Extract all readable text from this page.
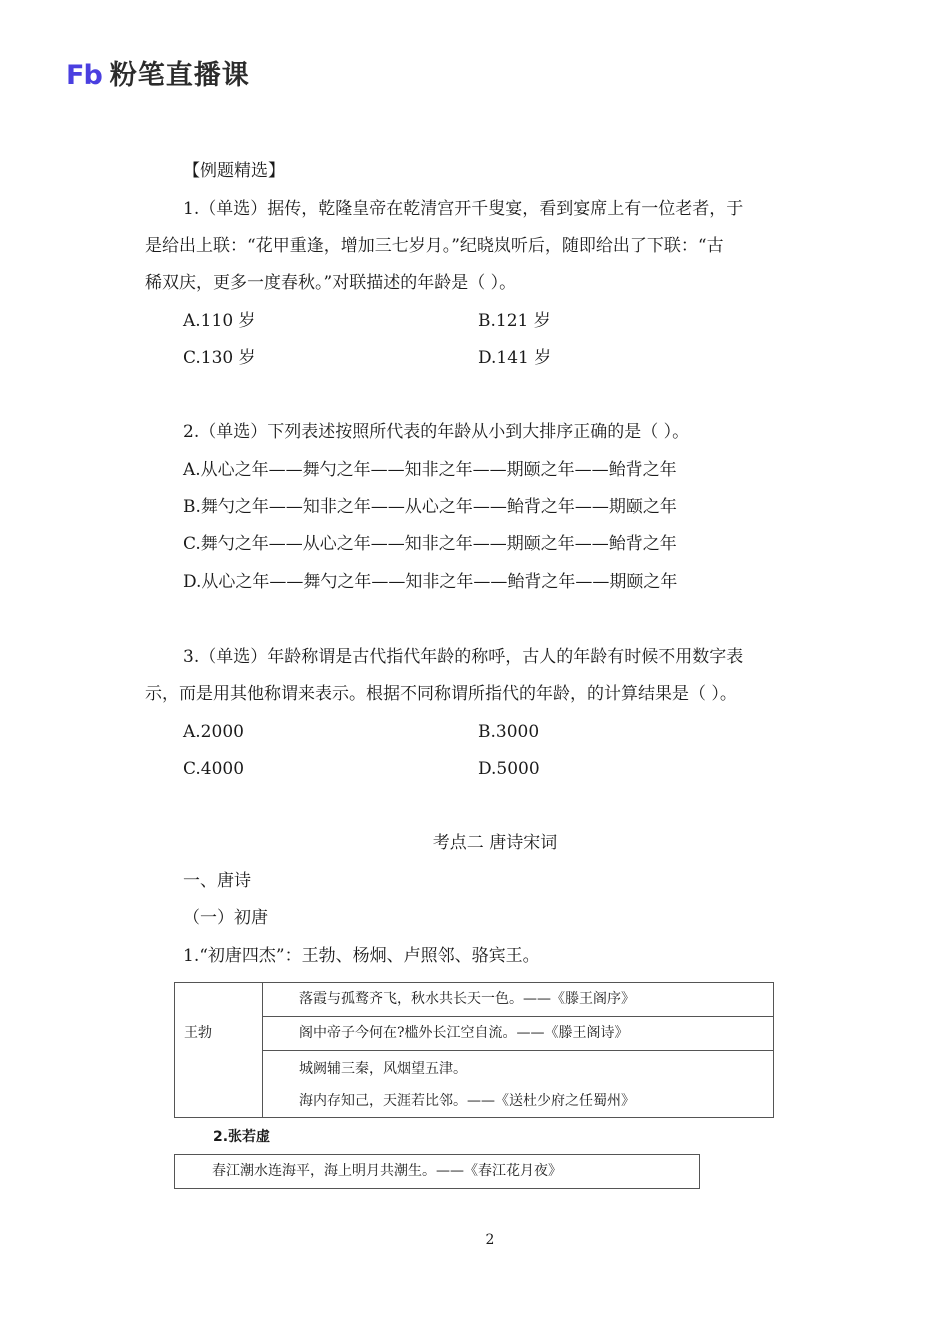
Fb 粉笔直播课
【例题精选】
1.（单选）据传，乾隆皇帝在乾清宫开千叟宴，看到宴席上有一位老者，于
是给出上联：“花甲重逢，增加三七岁月。”纪晓岚听后，随即给出了下联：“古
稀双庆，更多一度春秋。”对联描述的年龄是（ ）。
A.110 岁	B.121 岁
C.130 岁	D.141 岁
2.（单选）下列表述按照所代表的年龄从小到大排序正确的是（ ）。
A.从心之年——舞勺之年——知非之年——期颐之年——鲐背之年
B.舞勺之年——知非之年——从心之年——鲐背之年——期颐之年
C.舞勺之年——从心之年——知非之年——期颐之年——鲐背之年
D.从心之年——舞勺之年——知非之年——鲐背之年——期颐之年
3.（单选）年龄称谓是古代指代年龄的称呼，古人的年龄有时候不用数字表
示，而是用其他称谓来表示。根据不同称谓所指代的年龄，的计算结果是（ ）。
A.2000	B.3000
C.4000	D.5000
考点二 唐诗宋词
一、唐诗
（一）初唐
1.“初唐四杰”：王勃、杨炯、卢照邻、骆宾王。
王勃
落霞与孤鹜齐飞，秋水共长天一色。——《滕王阁序》
阁中帝子今何在?槛外长江空自流。——《滕王阁诗》
城阙辅三秦，风烟望五津。
海内存知己，天涯若比邻。——《送杜少府之任蜀州》
2.张若虚
春江潮水连海平，海上明月共潮生。——《春江花月夜》
2
